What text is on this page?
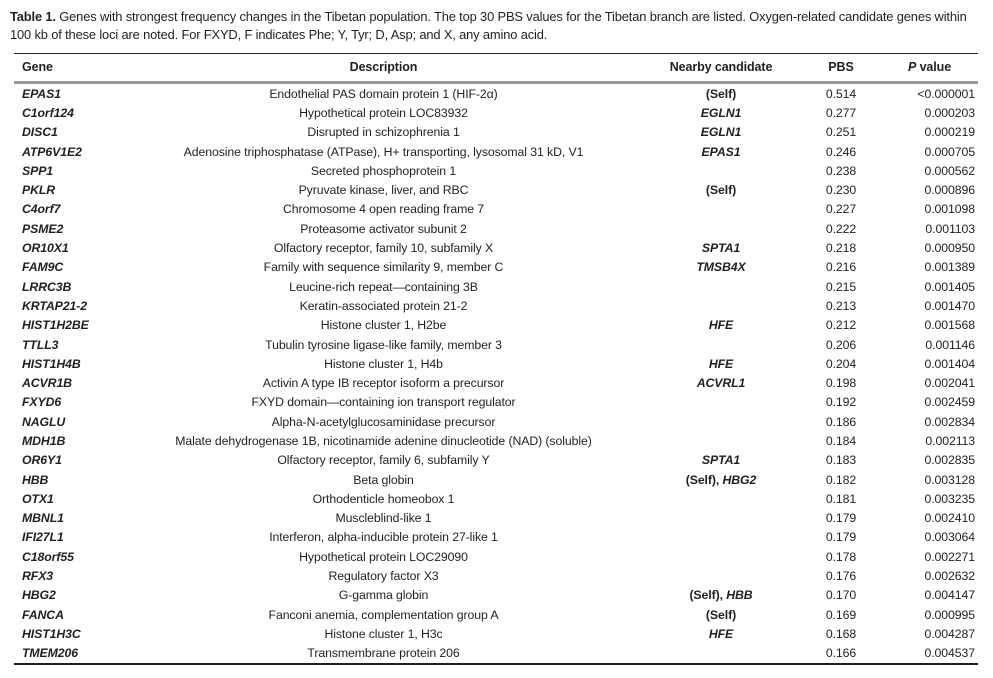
Table 1. Genes with strongest frequency changes in the Tibetan population. The top 30 PBS values for the Tibetan branch are listed. Oxygen-related candidate genes within 100 kb of these loci are noted. For FXYD, F indicates Phe; Y, Tyr; D, Asp; and X, any amino acid.

Gene	Description	Nearby candidate	PBS	P value
EPAS1	Endothelial PAS domain protein 1 (HIF-2α)	(Self)	0.514	<0.000001
C1orf124	Hypothetical protein LOC83932	EGLN1	0.277	0.000203
DISC1	Disrupted in schizophrenia 1	EGLN1	0.251	0.000219
ATP6V1E2	Adenosine triphosphatase (ATPase), H+ transporting, lysosomal 31 kD, V1	EPAS1	0.246	0.000705
SPP1	Secreted phosphoprotein 1		0.238	0.000562
PKLR	Pyruvate kinase, liver, and RBC	(Self)	0.230	0.000896
C4orf7	Chromosome 4 open reading frame 7		0.227	0.001098
PSME2	Proteasome activator subunit 2		0.222	0.001103
OR10X1	Olfactory receptor, family 10, subfamily X	SPTA1	0.218	0.000950
FAM9C	Family with sequence similarity 9, member C	TMSB4X	0.216	0.001389
LRRC3B	Leucine-rich repeat—containing 3B		0.215	0.001405
KRTAP21-2	Keratin-associated protein 21-2		0.213	0.001470
HIST1H2BE	Histone cluster 1, H2be	HFE	0.212	0.001568
TTLL3	Tubulin tyrosine ligase-like family, member 3		0.206	0.001146
HIST1H4B	Histone cluster 1, H4b	HFE	0.204	0.001404
ACVR1B	Activin A type IB receptor isoform a precursor	ACVRL1	0.198	0.002041
FXYD6	FXYD domain—containing ion transport regulator		0.192	0.002459
NAGLU	Alpha-N-acetylglucosaminidase precursor		0.186	0.002834
MDH1B	Malate dehydrogenase 1B, nicotinamide adenine dinucleotide (NAD) (soluble)		0.184	0.002113
OR6Y1	Olfactory receptor, family 6, subfamily Y	SPTA1	0.183	0.002835
HBB	Beta globin	(Self), HBG2	0.182	0.003128
OTX1	Orthodenticle homeobox 1		0.181	0.003235
MBNL1	Muscleblind-like 1		0.179	0.002410
IFI27L1	Interferon, alpha-inducible protein 27-like 1		0.179	0.003064
C18orf55	Hypothetical protein LOC29090		0.178	0.002271
RFX3	Regulatory factor X3		0.176	0.002632
HBG2	G-gamma globin	(Self), HBB	0.170	0.004147
FANCA	Fanconi anemia, complementation group A	(Self)	0.169	0.000995
HIST1H3C	Histone cluster 1, H3c	HFE	0.168	0.004287
TMEM206	Transmembrane protein 206		0.166	0.004537
